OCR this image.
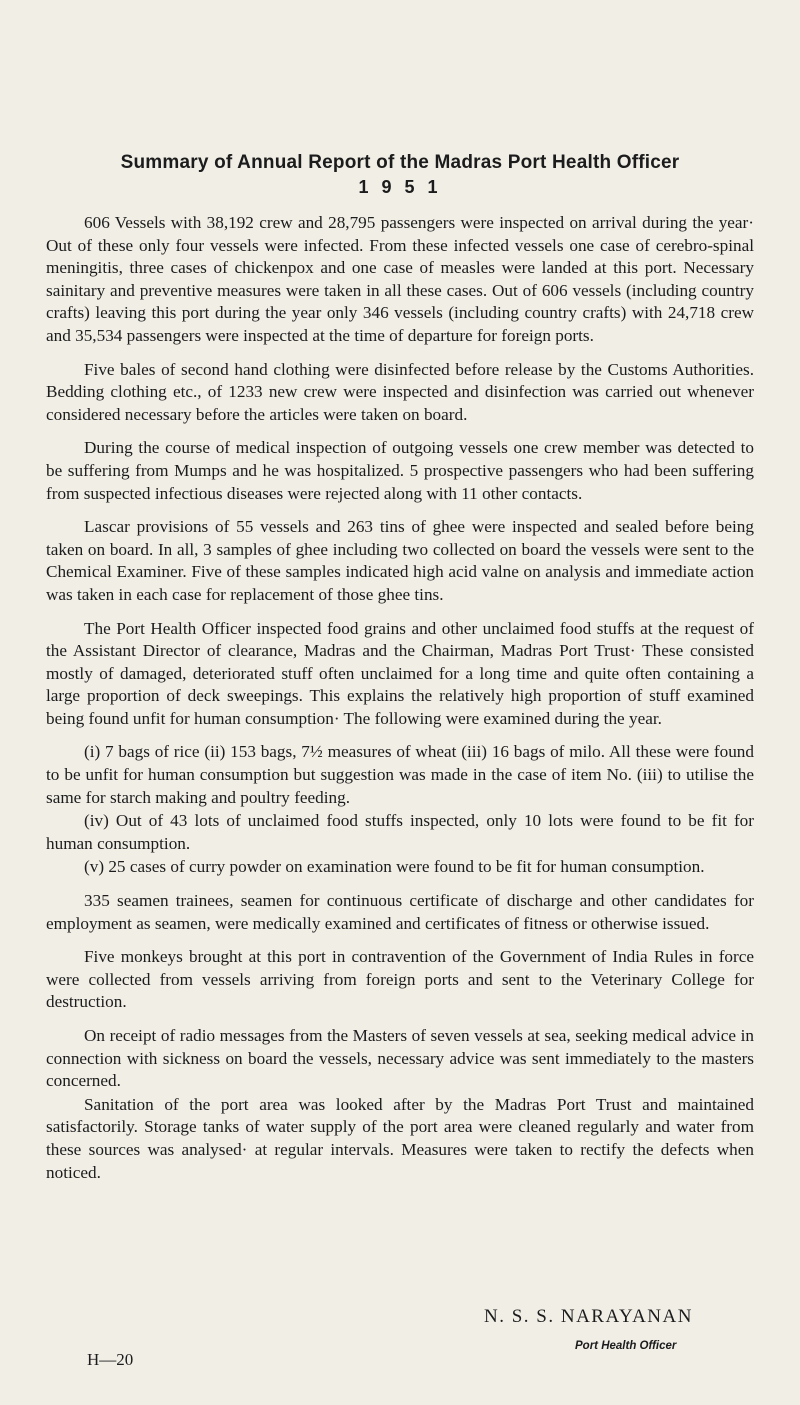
Summary of Annual Report of the Madras Port Health Officer
1 9 5 1

606 Vessels with 38,192 crew and 28,795 passengers were inspected on arrival during the year· Out of these only four vessels were infected. From these infected vessels one case of cerebro-spinal meningitis, three cases of chickenpox and one case of measles were landed at this port. Necessary sainitary and preventive measures were taken in all these cases. Out of 606 vessels (including country crafts) leaving this port during the year only 346 vessels (including country crafts) with 24,718 crew and 35,534 passengers were inspected at the time of departure for foreign ports.

Five bales of second hand clothing were disinfected before release by the Customs Authorities. Bedding clothing etc., of 1233 new crew were inspected and disinfection was carried out whenever considered necessary before the articles were taken on board.

During the course of medical inspection of outgoing vessels one crew member was detected to be suffering from Mumps and he was hospitalized. 5 prospective passengers who had been suffering from suspected infectious diseases were rejected along with 11 other contacts.

Lascar provisions of 55 vessels and 263 tins of ghee were inspected and sealed before being taken on board. In all, 3 samples of ghee including two collected on board the vessels were sent to the Chemical Examiner. Five of these samples indicated high acid valne on analysis and immediate action was taken in each case for replacement of those ghee tins.

The Port Health Officer inspected food grains and other unclaimed food stuffs at the request of the Assistant Director of clearance, Madras and the Chairman, Madras Port Trust· These consisted mostly of damaged, deteriorated stuff often unclaimed for a long time and quite often containing a large proportion of deck sweepings. This explains the relatively high proportion of stuff examined being found unfit for human consumption· The following were examined during the year.

(i) 7 bags of rice (ii) 153 bags, 7½ measures of wheat (iii) 16 bags of milo. All these were found to be unfit for human consumption but suggestion was made in the case of item No. (iii) to utilise the same for starch making and poultry feeding.

(iv) Out of 43 lots of unclaimed food stuffs inspected, only 10 lots were found to be fit for human consumption.

(v) 25 cases of curry powder on examination were found to be fit for human consumption.

335 seamen trainees, seamen for continuous certificate of discharge and other candidates for employment as seamen, were medically examined and certificates of fitness or otherwise issued.

Five monkeys brought at this port in contravention of the Government of India Rules in force were collected from vessels arriving from foreign ports and sent to the Veterinary College for destruction.

On receipt of radio messages from the Masters of seven vessels at sea, seeking medical advice in connection with sickness on board the vessels, necessary advice was sent immediately to the masters concerned.

Sanitation of the port area was looked after by the Madras Port Trust and maintained satisfactorily. Storage tanks of water supply of the port area were cleaned regularly and water from these sources was analysed· at regular intervals. Measures were taken to rectify the defects when noticed.

N. S. S. NARAYANAN
Port Health Officer
H—20
